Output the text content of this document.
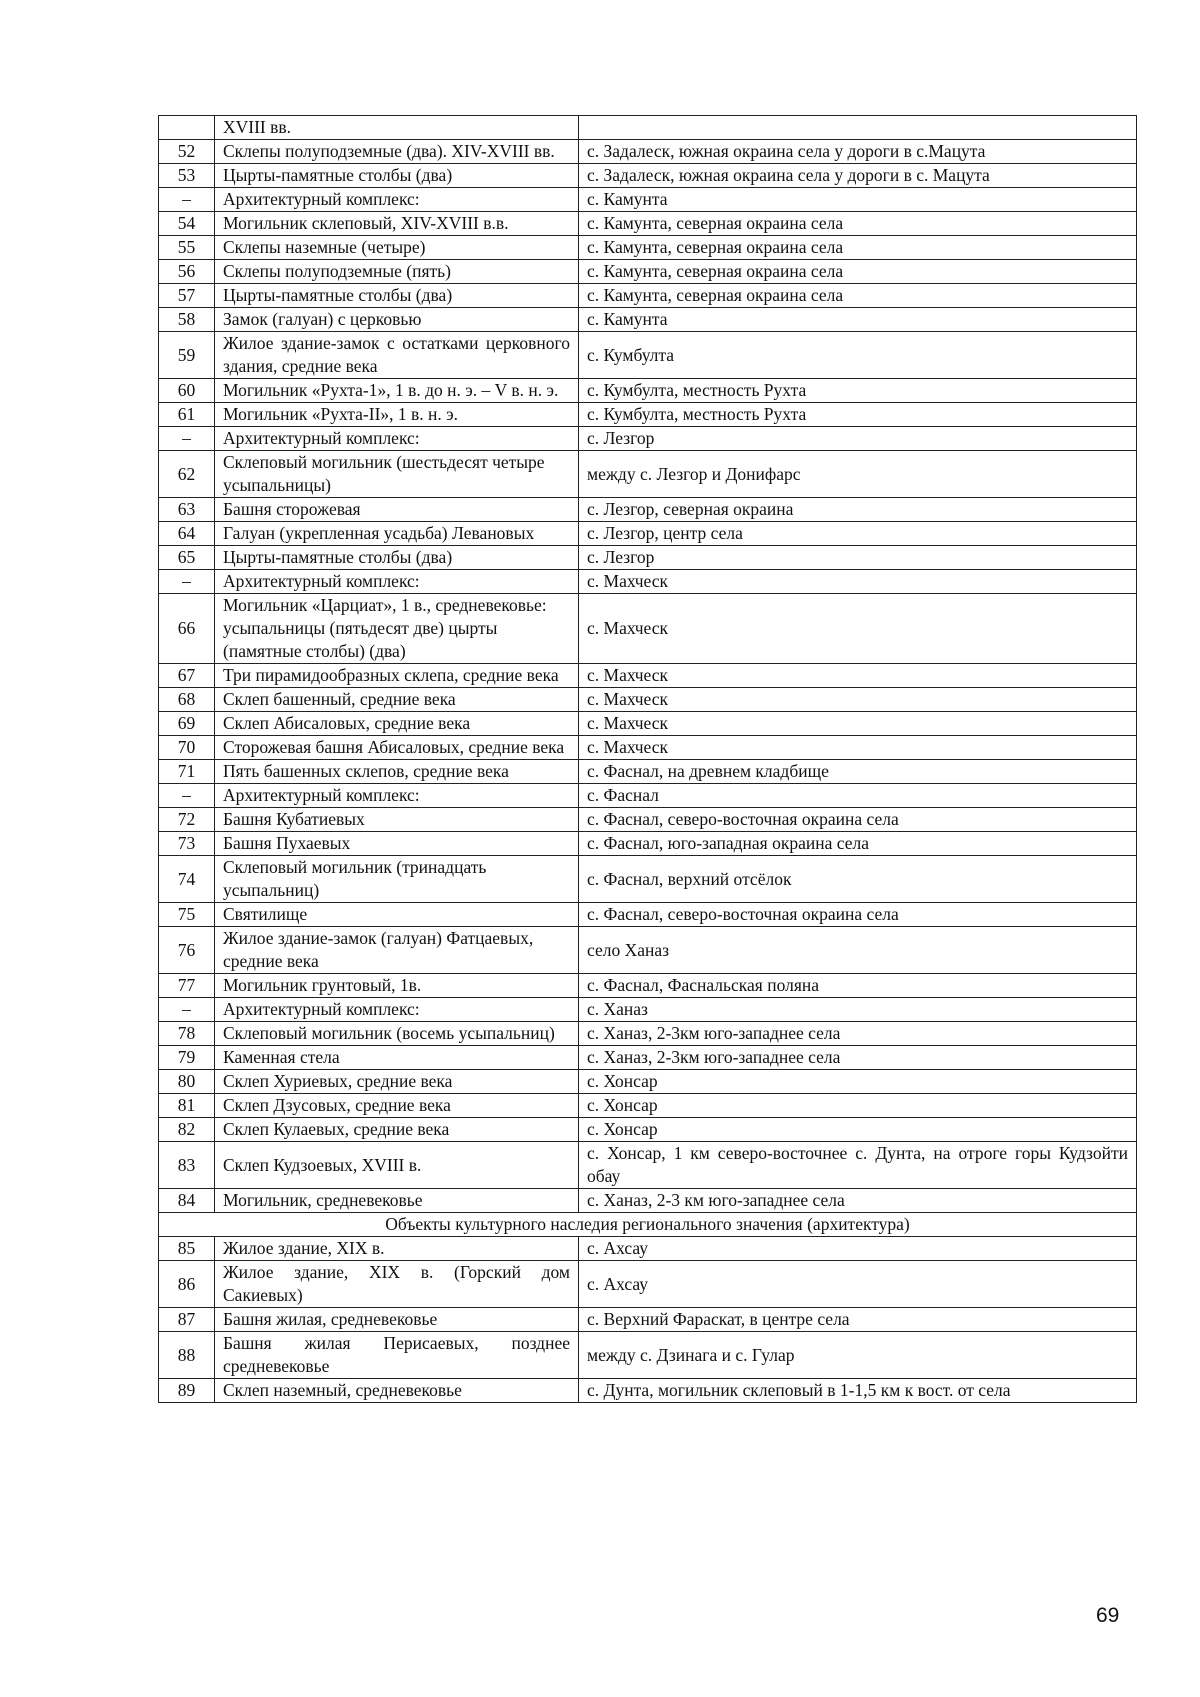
	XVIII вв.	
52	Склепы полуподземные (два). XIV-XVIII вв.	с. Задалеск, южная окраина села у дороги в с.Мацута
53	Цырты-памятные столбы (два)	с. Задалеск, южная окраина села у дороги в с. Мацута
–	Архитектурный комплекс:	с. Камунта
54	Могильник склеповый, XIV-XVIII в.в.	с. Камунта, северная окраина села
55	Склепы наземные (четыре)	с. Камунта, северная окраина села
56	Склепы полуподземные (пять)	с. Камунта, северная окраина села
57	Цырты-памятные столбы (два)	с. Камунта, северная окраина села
58	Замок (галуан) с церковью	с. Камунта
59	Жилое здание-замок с остатками церковного здания, средние века	с. Кумбулта
60	Могильник «Рухта-1», 1 в. до н. э. – V в. н. э.	с. Кумбулта, местность Рухта
61	Могильник «Рухта-II», 1 в. н. э.	с. Кумбулта, местность Рухта
–	Архитектурный комплекс:	с. Лезгор
62	Склеповый могильник (шестьдесят четыре усыпальницы)	между с. Лезгор и Донифарс
63	Башня сторожевая	с. Лезгор, северная окраина
64	Галуан (укрепленная усадьба) Левановых	с. Лезгор, центр села
65	Цырты-памятные столбы (два)	с. Лезгор
–	Архитектурный комплекс:	с. Махческ
66	Могильник «Царциат», 1 в., средневековье: усыпальницы (пятьдесят две) цырты (памятные столбы) (два)	с. Махческ
67	Три пирамидообразных склепа, средние века	с. Махческ
68	Склеп башенный, средние века	с. Махческ
69	Склеп Абисаловых, средние века	с. Махческ
70	Сторожевая башня Абисаловых, средние века	с. Махческ
71	Пять башенных склепов, средние века	с. Фаснал, на древнем кладбище
–	Архитектурный комплекс:	с. Фаснал
72	Башня Кубатиевых	с. Фаснал, северо-восточная окраина села
73	Башня Пухаевых	с. Фаснал, юго-западная окраина села
74	Склеповый могильник (тринадцать усыпальниц)	с. Фаснал, верхний отсёлок
75	Святилище	с. Фаснал, северо-восточная окраина села
76	Жилое здание-замок (галуан) Фатцаевых, средние века	село Ханаз
77	Могильник грунтовый, 1в.	с. Фаснал, Фаснальская поляна
–	Архитектурный комплекс:	с. Ханаз
78	Склеповый могильник (восемь усыпальниц)	с. Ханаз, 2-3км юго-западнее села
79	Каменная стела	с. Ханаз, 2-3км юго-западнее села
80	Склеп Хуриевых, средние века	с. Хонсар
81	Склеп Дзусовых, средние века	с. Хонсар
82	Склеп Кулаевых, средние века	с. Хонсар
83	Склеп Кудзоевых, XVIII в.	с. Хонсар, 1 км северо-восточнее с. Дунта, на отроге горы Кудзойти обау
84	Могильник, средневековье	с. Ханаз, 2-3 км юго-западнее села
Объекты культурного наследия регионального значения (архитектура)		
85	Жилое здание, XIX в.	с. Ахсау
86	Жилое здание, XIX в. (Горский дом Сакиевых)	с. Ахсау
87	Башня жилая, средневековье	с. Верхний Фараскат, в центре села
88	Башня жилая Перисаевых, позднее средневековье	между с. Дзинага и с. Гулар
89	Склеп наземный, средневековье	с. Дунта, могильник склеповый в 1-1,5 км к вост. от села
69
